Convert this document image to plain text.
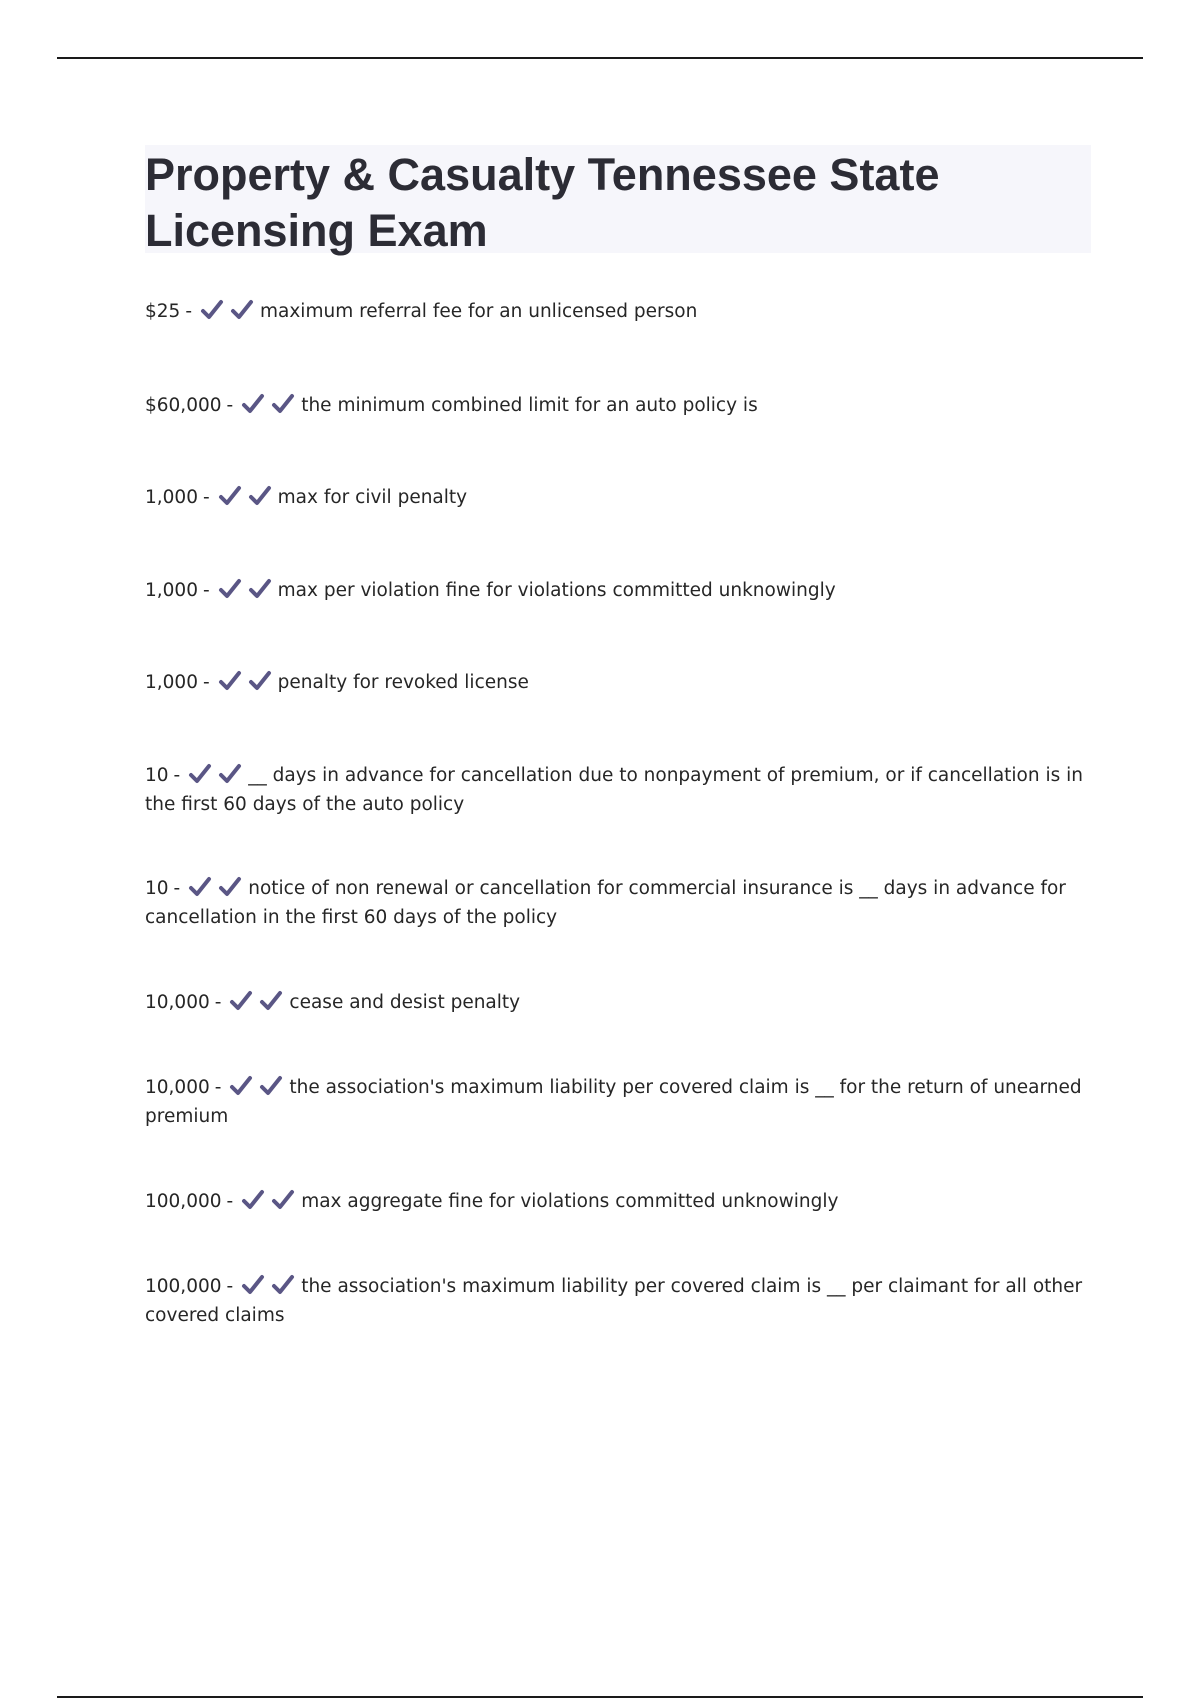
Property & Casualty Tennessee State Licensing Exam
$25 -	maximum referral fee for an unlicensed person
$60,000 -	the minimum combined limit for an auto policy is
1,000 -	max for civil penalty
1,000 -	max per violation fine for violations committed unknowingly
1,000 -	penalty for revoked license
10 -	__ days in advance for cancellation due to nonpayment of premium, or if cancellation is in the first 60 days of the auto policy
10 -	notice of non renewal or cancellation for commercial insurance is __ days in advance for cancellation in the first 60 days of the policy
10,000 -	cease and desist penalty
10,000 -	the association's maximum liability per covered claim is __ for the return of unearned premium
100,000 -	max aggregate fine for violations committed unknowingly
100,000 -	the association's maximum liability per covered claim is __ per claimant for all other covered claims
